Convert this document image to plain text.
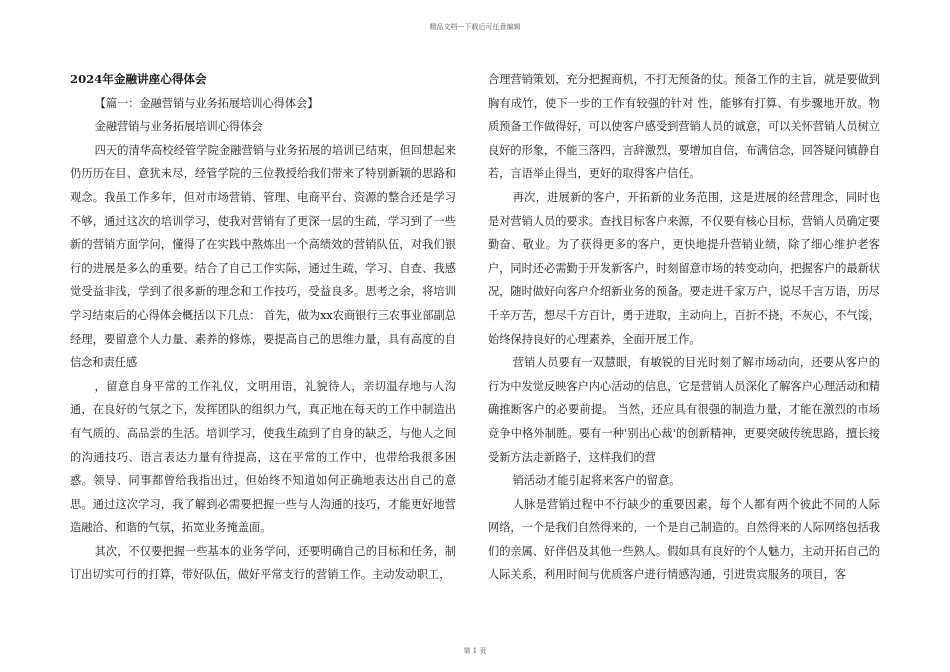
精品文档---下载后可任意编辑

2024年金融讲座心得体会

【篇一：金融营销与业务拓展培训心得体会】

金融营销与业务拓展培训心得体会

四天的清华高校经管学院金融营销与业务拓展的培训已结束，但回想起来仍历历在目、意犹未尽，经管学院的三位教授给我们带来了特别新颖的思路和观念。我虽工作多年，但对市场营销、管理、电商平台、资源的整合还是学习不够，通过这次的培训学习，使我对营销有了更深一层的生疏，学习到了一些新的营销方面学问，懂得了在实践中熬炼出一个高绩效的营销队伍，对我们银行的进展是多么的重要。结合了自己工作实际，通过生疏，学习、自查、我感觉受益非浅，学到了很多新的理念和工作技巧，受益良多。思考之余，将培训学习结束后的心得体会概括以下几点： 首先，做为xx农商银行三农事业部副总经理，要留意个人力量、素养的修炼，要提高自己的思维力量，具有高度的自信念和责任感

，留意自身平常的工作礼仪，文明用语，礼貌待人，亲切温存地与人沟通，在良好的气氛之下，发挥团队的组织力气，真正地在每天的工作中制造出有气质的、高品尝的生活。培训学习，使我生疏到了自身的缺乏，与他人之间的沟通技巧、语言表达力量有待提高，这在平常的工作中，也带给我很多困惑。领导、同事都曾给我指出过，但始终不知道如何正确地表达出自己的意思。通过这次学习，我了解到必需要把握一些与人沟通的技巧，才能更好地营造融洽、和谐的气氛，拓宽业务掩盖面。

其次，不仅要把握一些基本的业务学问，还要明确自己的目标和任务，制订出切实可行的打算，带好队伍，做好平常支行的营销工作。主动发动职工，

合理营销策划，充分把握商机，不打无预备的仗。预备工作的主旨，就是要做到胸有成竹，使下一步的工作有较强的针对 性，能够有打算、有步骤地开放。物质预备工作做得好，可以使客户感受到营销人员的诚意，可以关怀营销人员树立良好的形象，不能三落四，言辞激烈，要增加自信，布满信念，回答疑问镇静自若，言语举止得当，更好的取得客户信任。

再次，进展新的客户，开拓新的业务范围，这是进展的经营理念，同时也是对营销人员的要求。查找目标客户来源，不仅要有核心目标，营销人员确定要勤奋、敬业。为了获得更多的客户，更快地提升营销业绩，除了细心维护老客户，同时还必需勤于开发新客户，时刻留意市场的转变动向，把握客户的最新状况，随时做好向客户介绍新业务的预备。要走进千家万户，说尽千言万语，历尽千辛万苦，想尽千方百计，勇于进取，主动向上，百折不挠，不灰心，不气馁，始终保持良好的心理素养，全面开展工作。

营销人员要有一双慧眼，有敏锐的目光时刻了解市场动向，还要从客户的行为中发觉反映客户内心活动的信息，它是营销人员深化了解客户心理活动和精确推断客户的必要前提。 当然，还应具有很强的制造力量，才能在激烈的市场竞争中格外制胜。要有一种'别出心裁'的创新精神，更要突破传统思路，擅长接受新方法走新路子，这样我们的营

销活动才能引起将来客户的留意。

人脉是营销过程中不行缺少的重要因素，每个人都有两个彼此不同的人际网络，一个是我们自然得来的，一个是自己制造的。自然得来的人际网络包括我们的亲属、好伴侣及其他一些熟人。假如具有良好的个人魅力，主动开拓自己的人际关系，利用时间与优质客户进行情感沟通，引进贵宾服务的项目，客

第 1 页
